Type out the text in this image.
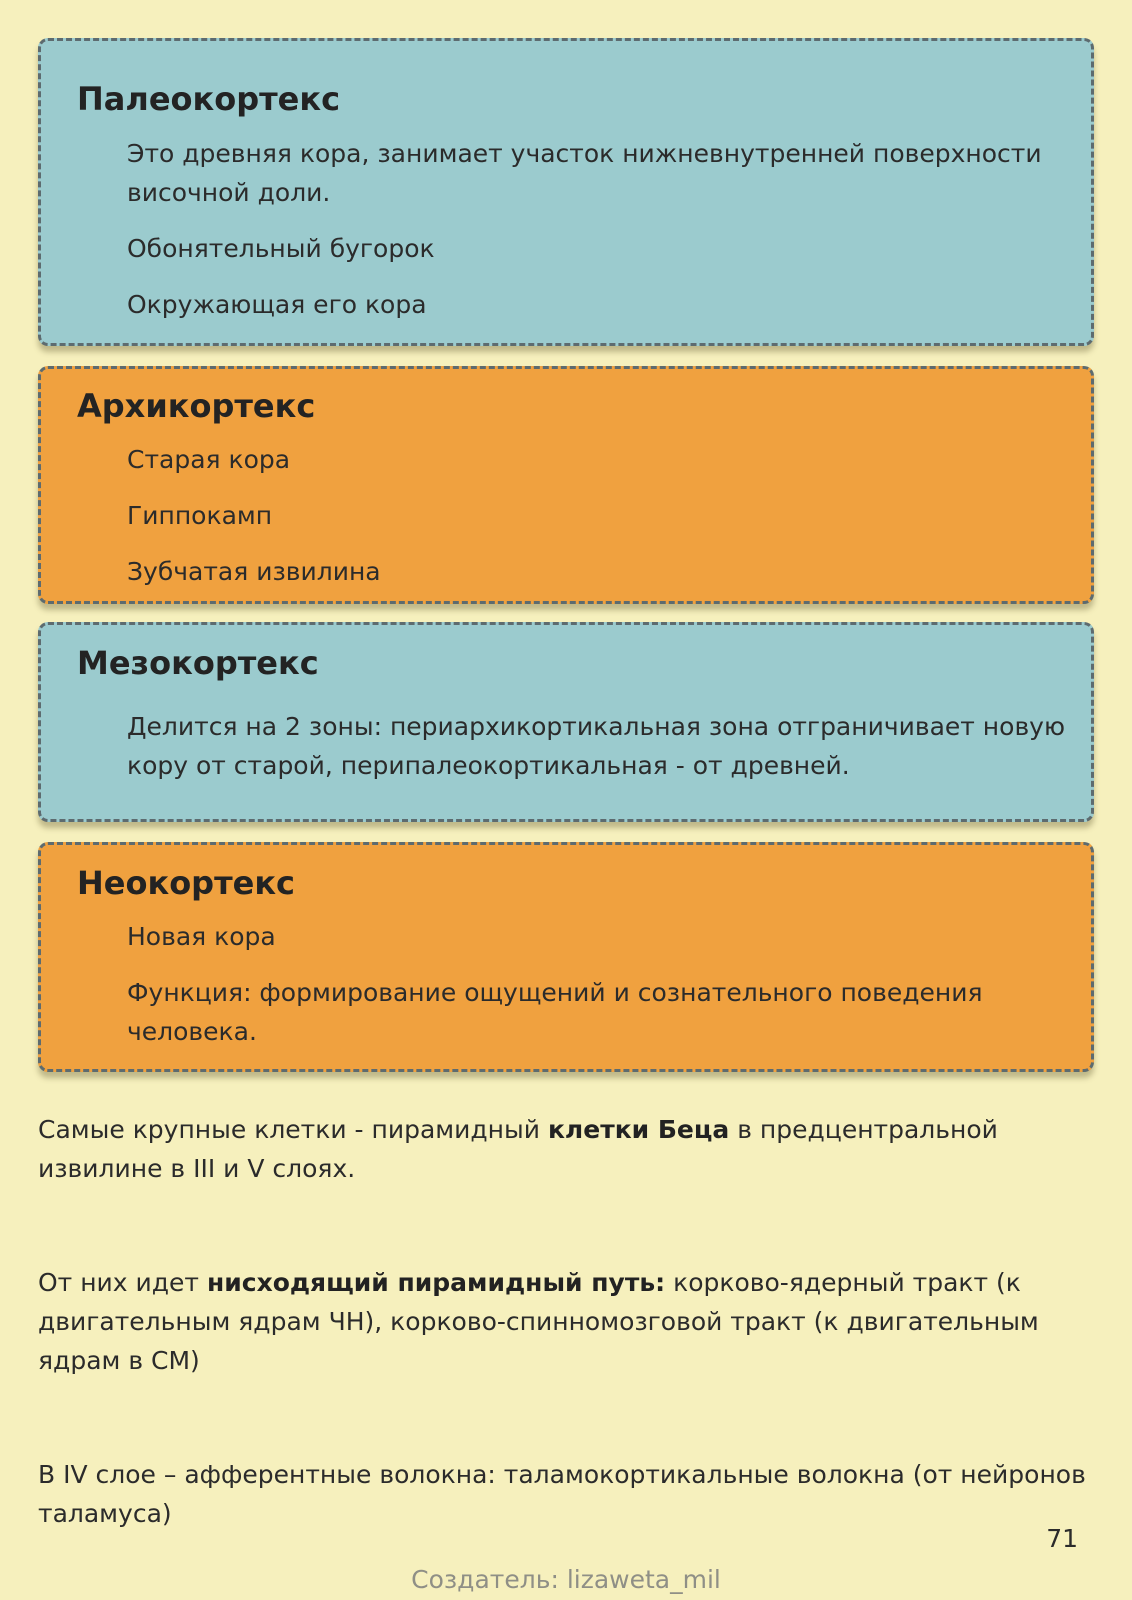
Палеокортекс

Это древняя кора, занимает участок нижневнутренней поверхности височной доли.

Обонятельный бугорок

Окружающая его кора

Архикортекс

Старая кора

Гиппокамп

Зубчатая извилина

Мезокортекс

Делится на 2 зоны: периархикортикальная зона отграничивает новую кору от старой, перипалеокортикальная - от древней.

Неокортекс

Новая кора

Функция: формирование ощущений и сознательного поведения человека.

Самые крупные клетки - пирамидный клетки Беца в предцентральной извилине в III и V слоях.

От них идет нисходящий пирамидный путь: корково-ядерный тракт (к двигательным ядрам ЧН), корково-спинномозговой тракт (к двигательным ядрам в СМ)

В IV слое – афферентные волокна: таламокортикальные волокна (от нейронов таламуса)

71
Создатель: lizaweta_mil
